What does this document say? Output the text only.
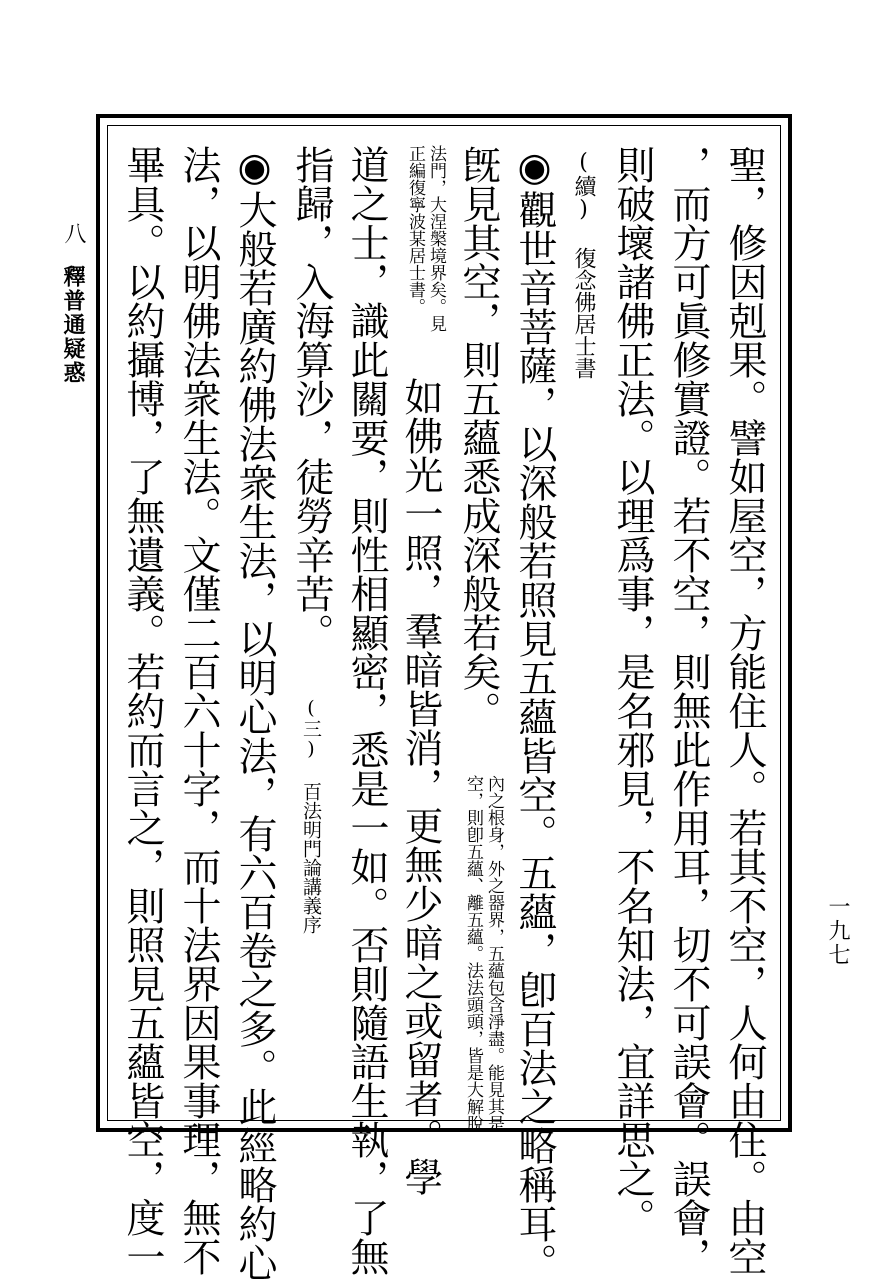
八
釋普通疑惑
一九七
聖，修因剋果。譬如屋空，方能住人。若其不空，人何由住。由空
，而方可眞修實證。若不空，則無此作用耳，切不可誤會。誤會，
則破壞諸佛正法。以理爲事，是名邪見，不名知法，宜詳思之。
(續) 復念佛居士書
◉觀世音菩薩，以深般若照見五蘊皆空。五蘊，卽百法之略稱耳。
旣見其空，則五蘊悉成深般若矣。
內之根身，外之器界，五蘊包含淨盡。能見其是
空，則卽五蘊、離五蘊。法法頭頭，皆是大解脫
法門，大涅槃境界矣。見
正編復寧波某居士書。
如佛光一照，羣暗皆消，更無少暗之或留者。學
道之士，識此關要，則性相顯密，悉是一如。否則隨語生執，了無
指歸，入海算沙，徒勞辛苦。 (三) 百法明門論講義序
◉大般若廣約佛法衆生法，以明心法，有六百卷之多。此經略約心
法，以明佛法衆生法。文僅二百六十字，而十法界因果事理，無不
畢具。以約攝博，了無遺義。若約而言之，則照見五蘊皆空，度一
